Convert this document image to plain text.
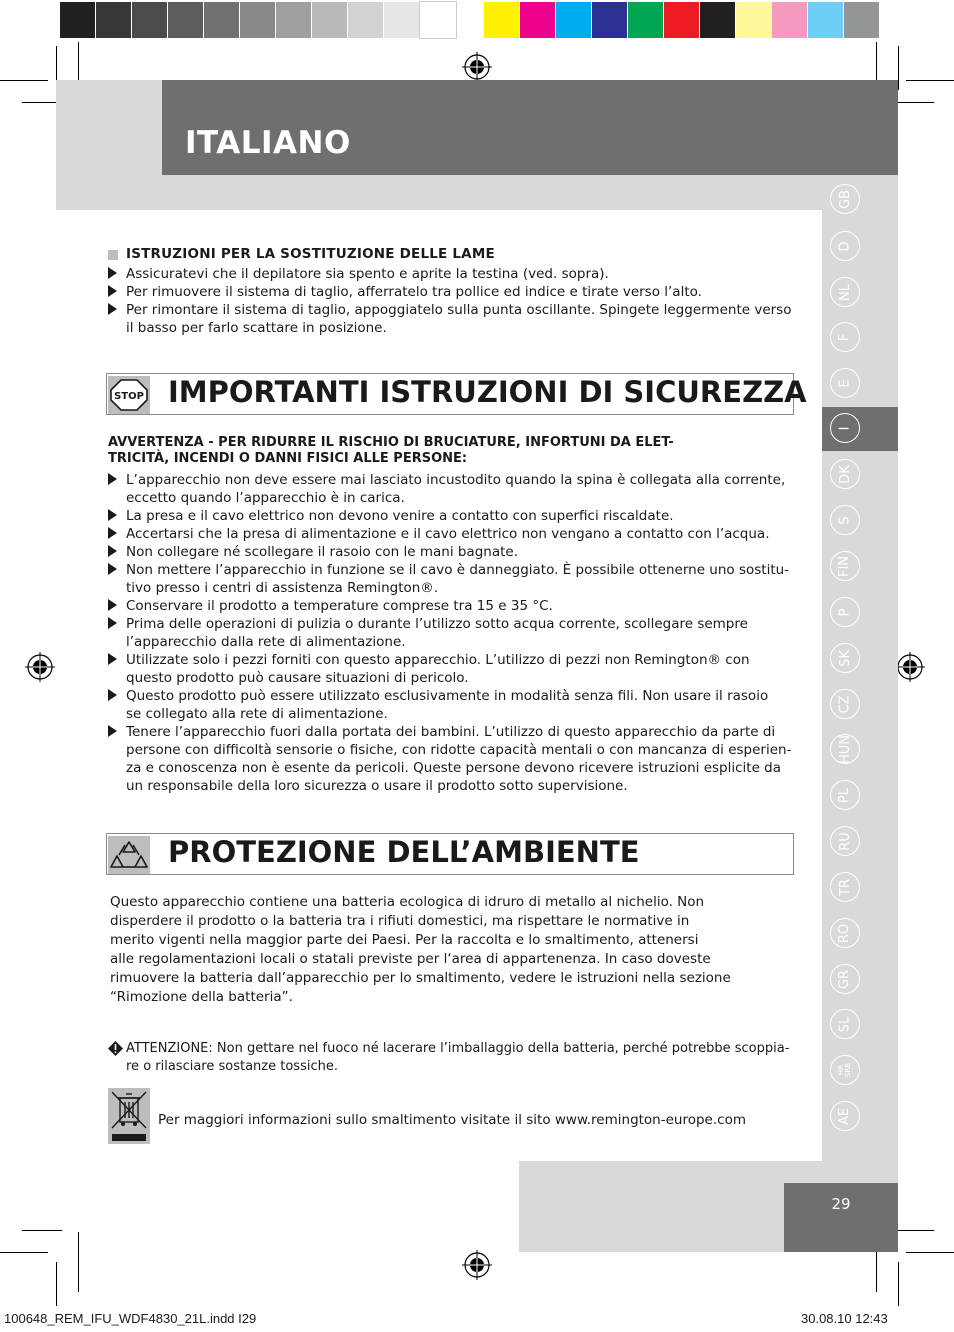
ITALIANO
GB
D
NL
F
E
I
DK
S
FIN
P
SK
CZ
HUN
PL
RU
TR
RO
GR
SL
HR
SRB
AE
ISTRUZIONI PER LA SOSTITUZIONE DELLE LAME
Assicuratevi che il depilatore sia spento e aprite la testina (ved. sopra).
Per rimuovere il sistema di taglio, afferratelo tra pollice ed indice e tirate verso l’alto.
Per rimontare il sistema di taglio, appoggiatelo sulla punta oscillante. Spingete leggermente verso
il basso per farlo scattare in posizione.
STOP IMPORTANTI ISTRUZIONI DI SICUREZZA
AVVERTENZA - PER RIDURRE IL RISCHIO DI BRUCIATURE, INFORTUNI DA ELET-
TRICITÀ, INCENDI O DANNI FISICI ALLE PERSONE:
L’apparecchio non deve essere mai lasciato incustodito quando la spina è collegata alla corrente,
eccetto quando l’apparecchio è in carica.
La presa e il cavo elettrico non devono venire a contatto con superfici riscaldate.
Accertarsi che la presa di alimentazione e il cavo elettrico non vengano a contatto con l’acqua.
Non collegare né scollegare il rasoio con le mani bagnate.
Non mettere l’apparecchio in funzione se il cavo è danneggiato. È possibile ottenerne uno sostitu-
tivo presso i centri di assistenza Remington®.
Conservare il prodotto a temperature comprese tra 15 e 35 °C.
Prima delle operazioni di pulizia o durante l’utilizzo sotto acqua corrente, scollegare sempre
l’apparecchio dalla rete di alimentazione.
Utilizzate solo i pezzi forniti con questo apparecchio. L’utilizzo di pezzi non Remington® con
questo prodotto può causare situazioni di pericolo.
Questo prodotto può essere utilizzato esclusivamente in modalità senza fili. Non usare il rasoio
se collegato alla rete di alimentazione.
Tenere l’apparecchio fuori dalla portata dei bambini. L’utilizzo di questo apparecchio da parte di
persone con difficoltà sensorie o fisiche, con ridotte capacità mentali o con mancanza di esperien-
za e conoscenza non è esente da pericoli. Queste persone devono ricevere istruzioni esplicite da
un responsabile della loro sicurezza o usare il prodotto sotto supervisione.
PROTEZIONE DELL’AMBIENTE
Questo apparecchio contiene una batteria ecologica di idruro di metallo al nichelio. Non
disperdere il prodotto o la batteria tra i rifiuti domestici, ma rispettare le normative in
merito vigenti nella maggior parte dei Paesi. Per la raccolta e lo smaltimento, attenersi
alle regolamentazioni locali o statali previste per l‘area di appartenenza. In caso doveste
rimuovere la batteria dall’apparecchio per lo smaltimento, vedere le istruzioni nella sezione
“Rimozione della batteria”.
ATTENZIONE: Non gettare nel fuoco né lacerare l’imballaggio della batteria, perché potrebbe scoppia-
re o rilasciare sostanze tossiche.
Per maggiori informazioni sullo smaltimento visitate il sito www.remington-europe.com
29
100648_REM_IFU_WDF4830_21L.indd I29	30.08.10 12:43
